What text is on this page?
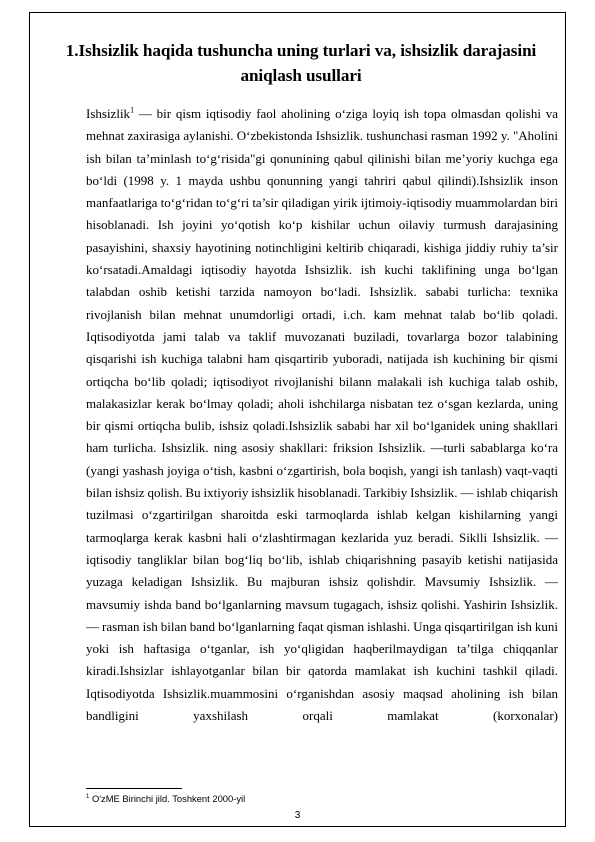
1.Ishsizlik haqida tushuncha uning turlari va, ishsizlik darajasini
aniqlash usullari

Ishsizlik$^1$ — bir qism iqtisodiy faol aholining o‘ziga loyiq ish topa olmasdan qolishi va mehnat zaxirasiga aylanishi. O‘zbekistonda Ishsizlik. tushunchasi rasman 1992 y. "Aholini ish bilan ta’minlash to‘g‘risida"gi qonunining qabul qilinishi bilan me’yoriy kuchga ega bo‘ldi (1998 y. 1 mayda ushbu qonunning yangi tahriri qabul qilindi).Ishsizlik inson manfaatlariga to‘g‘ridan to‘g‘ri ta’sir qiladigan yirik ijtimoiy-iqtisodiy muammolardan biri hisoblanadi. Ish joyini yo‘qotish ko‘p kishilar uchun oilaviy turmush darajasining pasayishini, shaxsiy hayotining notinchligini keltirib chiqaradi, kishiga jiddiy ruhiy ta’sir ko‘rsatadi.Amaldagi iqtisodiy hayotda Ishsizlik. ish kuchi taklifining unga bo‘lgan talabdan oshib ketishi tarzida namoyon bo‘ladi. Ishsizlik. sababi turlicha: texnika rivojlanish bilan mehnat unumdorligi ortadi, i.ch. kam mehnat talab bo‘lib qoladi. Iqtisodiyotda jami talab va taklif muvozanati buziladi, tovarlarga bozor talabining qisqarishi ish kuchiga talabni ham qisqartirib yuboradi, natijada ish kuchining bir qismi ortiqcha bo‘lib qoladi; iqtisodiyot rivojlanishi bilann malakali ish kuchiga talab oshib, malakasizlar kerak bo‘lmay qoladi; aholi ishchilarga nisbatan tez o‘sgan kezlarda, uning bir qismi ortiqcha bulib, ishsiz qoladi.Ishsizlik sababi har xil bo‘lganidek uning shakllari ham turlicha. Ishsizlik. ning asosiy shakllari: friksion Ishsizlik. —turli sabablarga ko‘ra (yangi yashash joyiga o‘tish, kasbni o‘zgartirish, bola boqish, yangi ish tanlash) vaqt-vaqti bilan ishsiz qolish. Bu ixtiyoriy ishsizlik hisoblanadi. Tarkibiy Ishsizlik. — ishlab chiqarish tuzilmasi o‘zgartirilgan sharoitda eski tarmoqlarda ishlab kelgan kishilarning yangi tarmoqlarga kerak kasbni hali o‘zlashtirmagan kezlarida yuz beradi. Siklli Ishsizlik. — iqtisodiy tangliklar bilan bog‘liq bo‘lib, ishlab chiqarishning pasayib ketishi natijasida yuzaga keladigan Ishsizlik. Bu majburan ishsiz qolishdir. Mavsumiy Ishsizlik. — mavsumiy ishda band bo‘lganlarning mavsum tugagach, ishsiz qolishi. Yashirin Ishsizlik. — rasman ish bilan band bo‘lganlarning faqat qisman ishlashi. Unga qisqartirilgan ish kuni yoki ish haftasiga o‘tganlar, ish yo‘qligidan haqberilmaydigan ta’tilga chiqqanlar kiradi.Ishsizlar ishlayotganlar bilan bir qatorda mamlakat ish kuchini tashkil qiladi. Iqtisodiyotda Ishsizlik.muammosini o‘rganishdan asosiy maqsad aholining ish bilan bandligini yaxshilash orqali mamlakat (korxonalar)

$^1$ O'zME Birinchi jild. Toshkent 2000-yil

3
